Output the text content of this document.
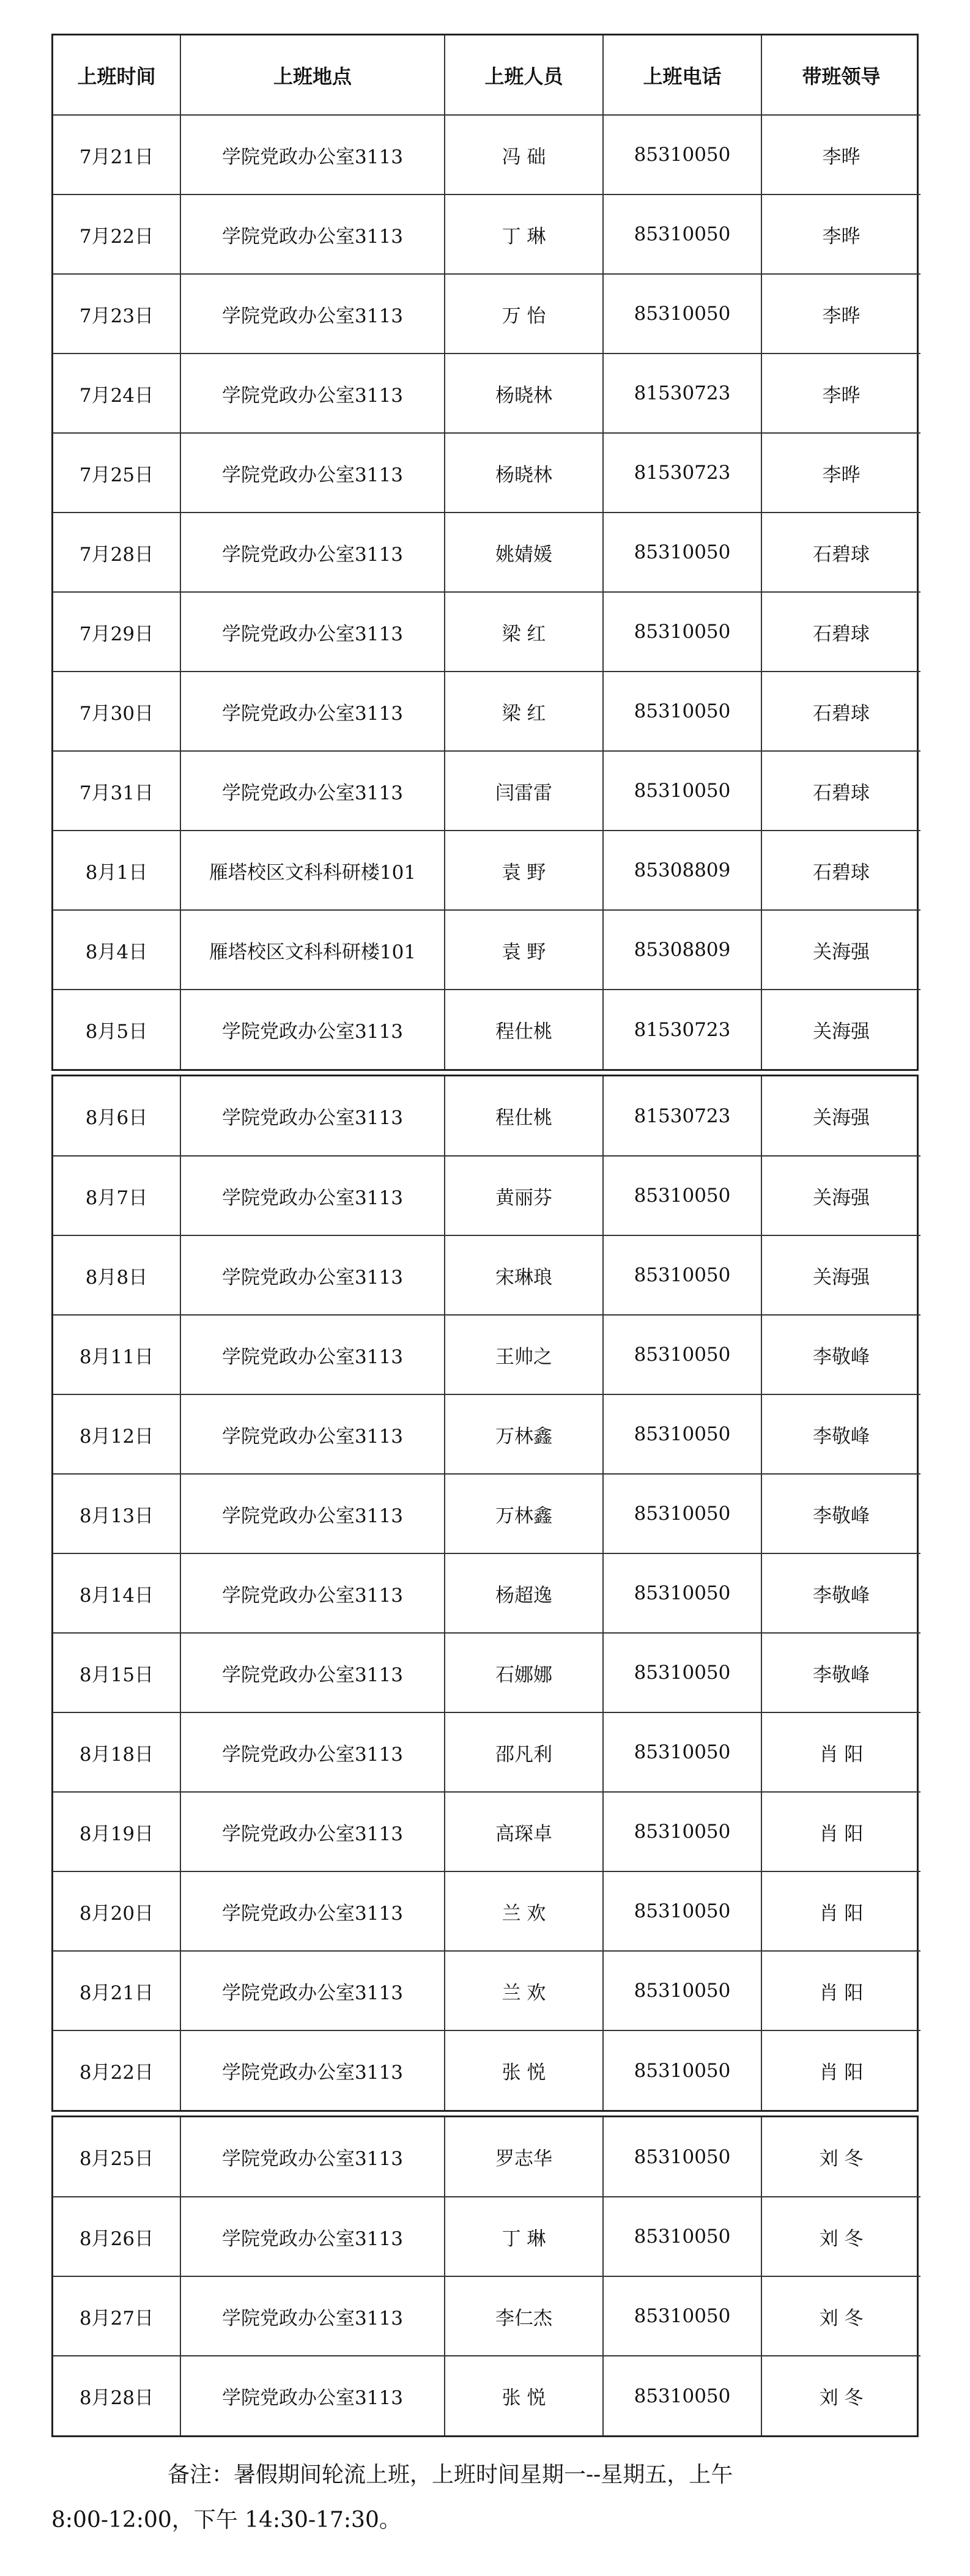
上班时间	上班地点	上班人员	上班电话	带班领导
7月21日	学院党政办公室3113	冯 础	85310050	李晔
7月22日	学院党政办公室3113	丁 琳	85310050	李晔
7月23日	学院党政办公室3113	万 怡	85310050	李晔
7月24日	学院党政办公室3113	杨晓林	81530723	李晔
7月25日	学院党政办公室3113	杨晓林	81530723	李晔
7月28日	学院党政办公室3113	姚婧媛	85310050	石碧球
7月29日	学院党政办公室3113	梁 红	85310050	石碧球
7月30日	学院党政办公室3113	梁 红	85310050	石碧球
7月31日	学院党政办公室3113	闫雷雷	85310050	石碧球
8月1日	雁塔校区文科科研楼101	袁 野	85308809	石碧球
8月4日	雁塔校区文科科研楼101	袁 野	85308809	关海强
8月5日	学院党政办公室3113	程仕桃	81530723	关海强
8月6日	学院党政办公室3113	程仕桃	81530723	关海强
8月7日	学院党政办公室3113	黄丽芬	85310050	关海强
8月8日	学院党政办公室3113	宋琳琅	85310050	关海强
8月11日	学院党政办公室3113	王帅之	85310050	李敬峰
8月12日	学院党政办公室3113	万林鑫	85310050	李敬峰
8月13日	学院党政办公室3113	万林鑫	85310050	李敬峰
8月14日	学院党政办公室3113	杨超逸	85310050	李敬峰
8月15日	学院党政办公室3113	石娜娜	85310050	李敬峰
8月18日	学院党政办公室3113	邵凡利	85310050	肖 阳
8月19日	学院党政办公室3113	高琛卓	85310050	肖 阳
8月20日	学院党政办公室3113	兰 欢	85310050	肖 阳
8月21日	学院党政办公室3113	兰 欢	85310050	肖 阳
8月22日	学院党政办公室3113	张 悦	85310050	肖 阳
8月25日	学院党政办公室3113	罗志华	85310050	刘 冬
8月26日	学院党政办公室3113	丁 琳	85310050	刘 冬
8月27日	学院党政办公室3113	李仁杰	85310050	刘 冬
8月28日	学院党政办公室3113	张 悦	85310050	刘 冬
备注：暑假期间轮流上班，上班时间星期一--星期五，上午
8:00-12:00，下午 14:30-17:30。
